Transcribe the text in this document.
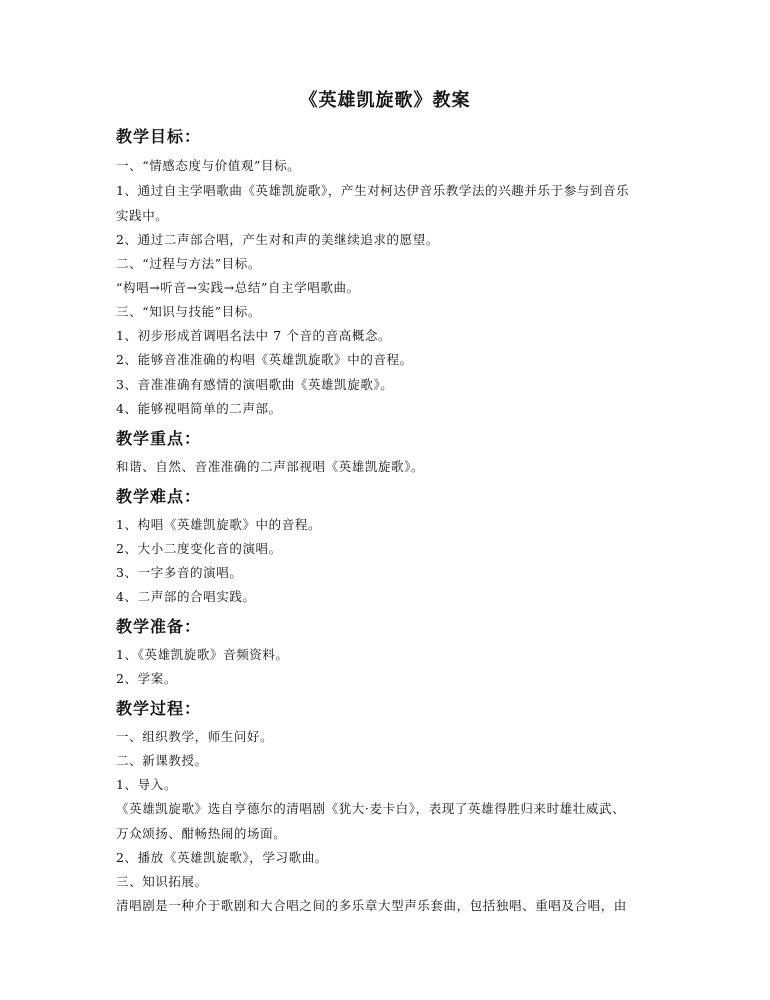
《英雄凯旋歌》教案
教学目标：
一、“情感态度与价值观”目标。
1、通过自主学唱歌曲《英雄凯旋歌》，产生对柯达伊音乐教学法的兴趣并乐于参与到音乐
实践中。
2、通过二声部合唱，产生对和声的美继续追求的愿望。
二、“过程与方法”目标。
“构唱→听音→实践→总结”自主学唱歌曲。
三、“知识与技能”目标。
1、初步形成首调唱名法中 7 个音的音高概念。
2、能够音准准确的构唱《英雄凯旋歌》中的音程。
3、音准准确有感情的演唱歌曲《英雄凯旋歌》。
4、能够视唱简单的二声部。
教学重点：
和谐、自然、音准准确的二声部视唱《英雄凯旋歌》。
教学难点：
1、构唱《英雄凯旋歌》中的音程。
2、大小二度变化音的演唱。
3、一字多音的演唱。
4、二声部的合唱实践。
教学准备：
1、《英雄凯旋歌》音频资料。
2、学案。
教学过程：
一、组织教学，师生问好。
二、新课教授。
1、导入。
《英雄凯旋歌》选自亨德尔的清唱剧《犹大·麦卡白》，表现了英雄得胜归来时雄壮威武、
万众颂扬、酣畅热闹的场面。
2、播放《英雄凯旋歌》，学习歌曲。
三、知识拓展。
清唱剧是一种介于歌剧和大合唱之间的多乐章大型声乐套曲，包括独唱、重唱及合唱，由
